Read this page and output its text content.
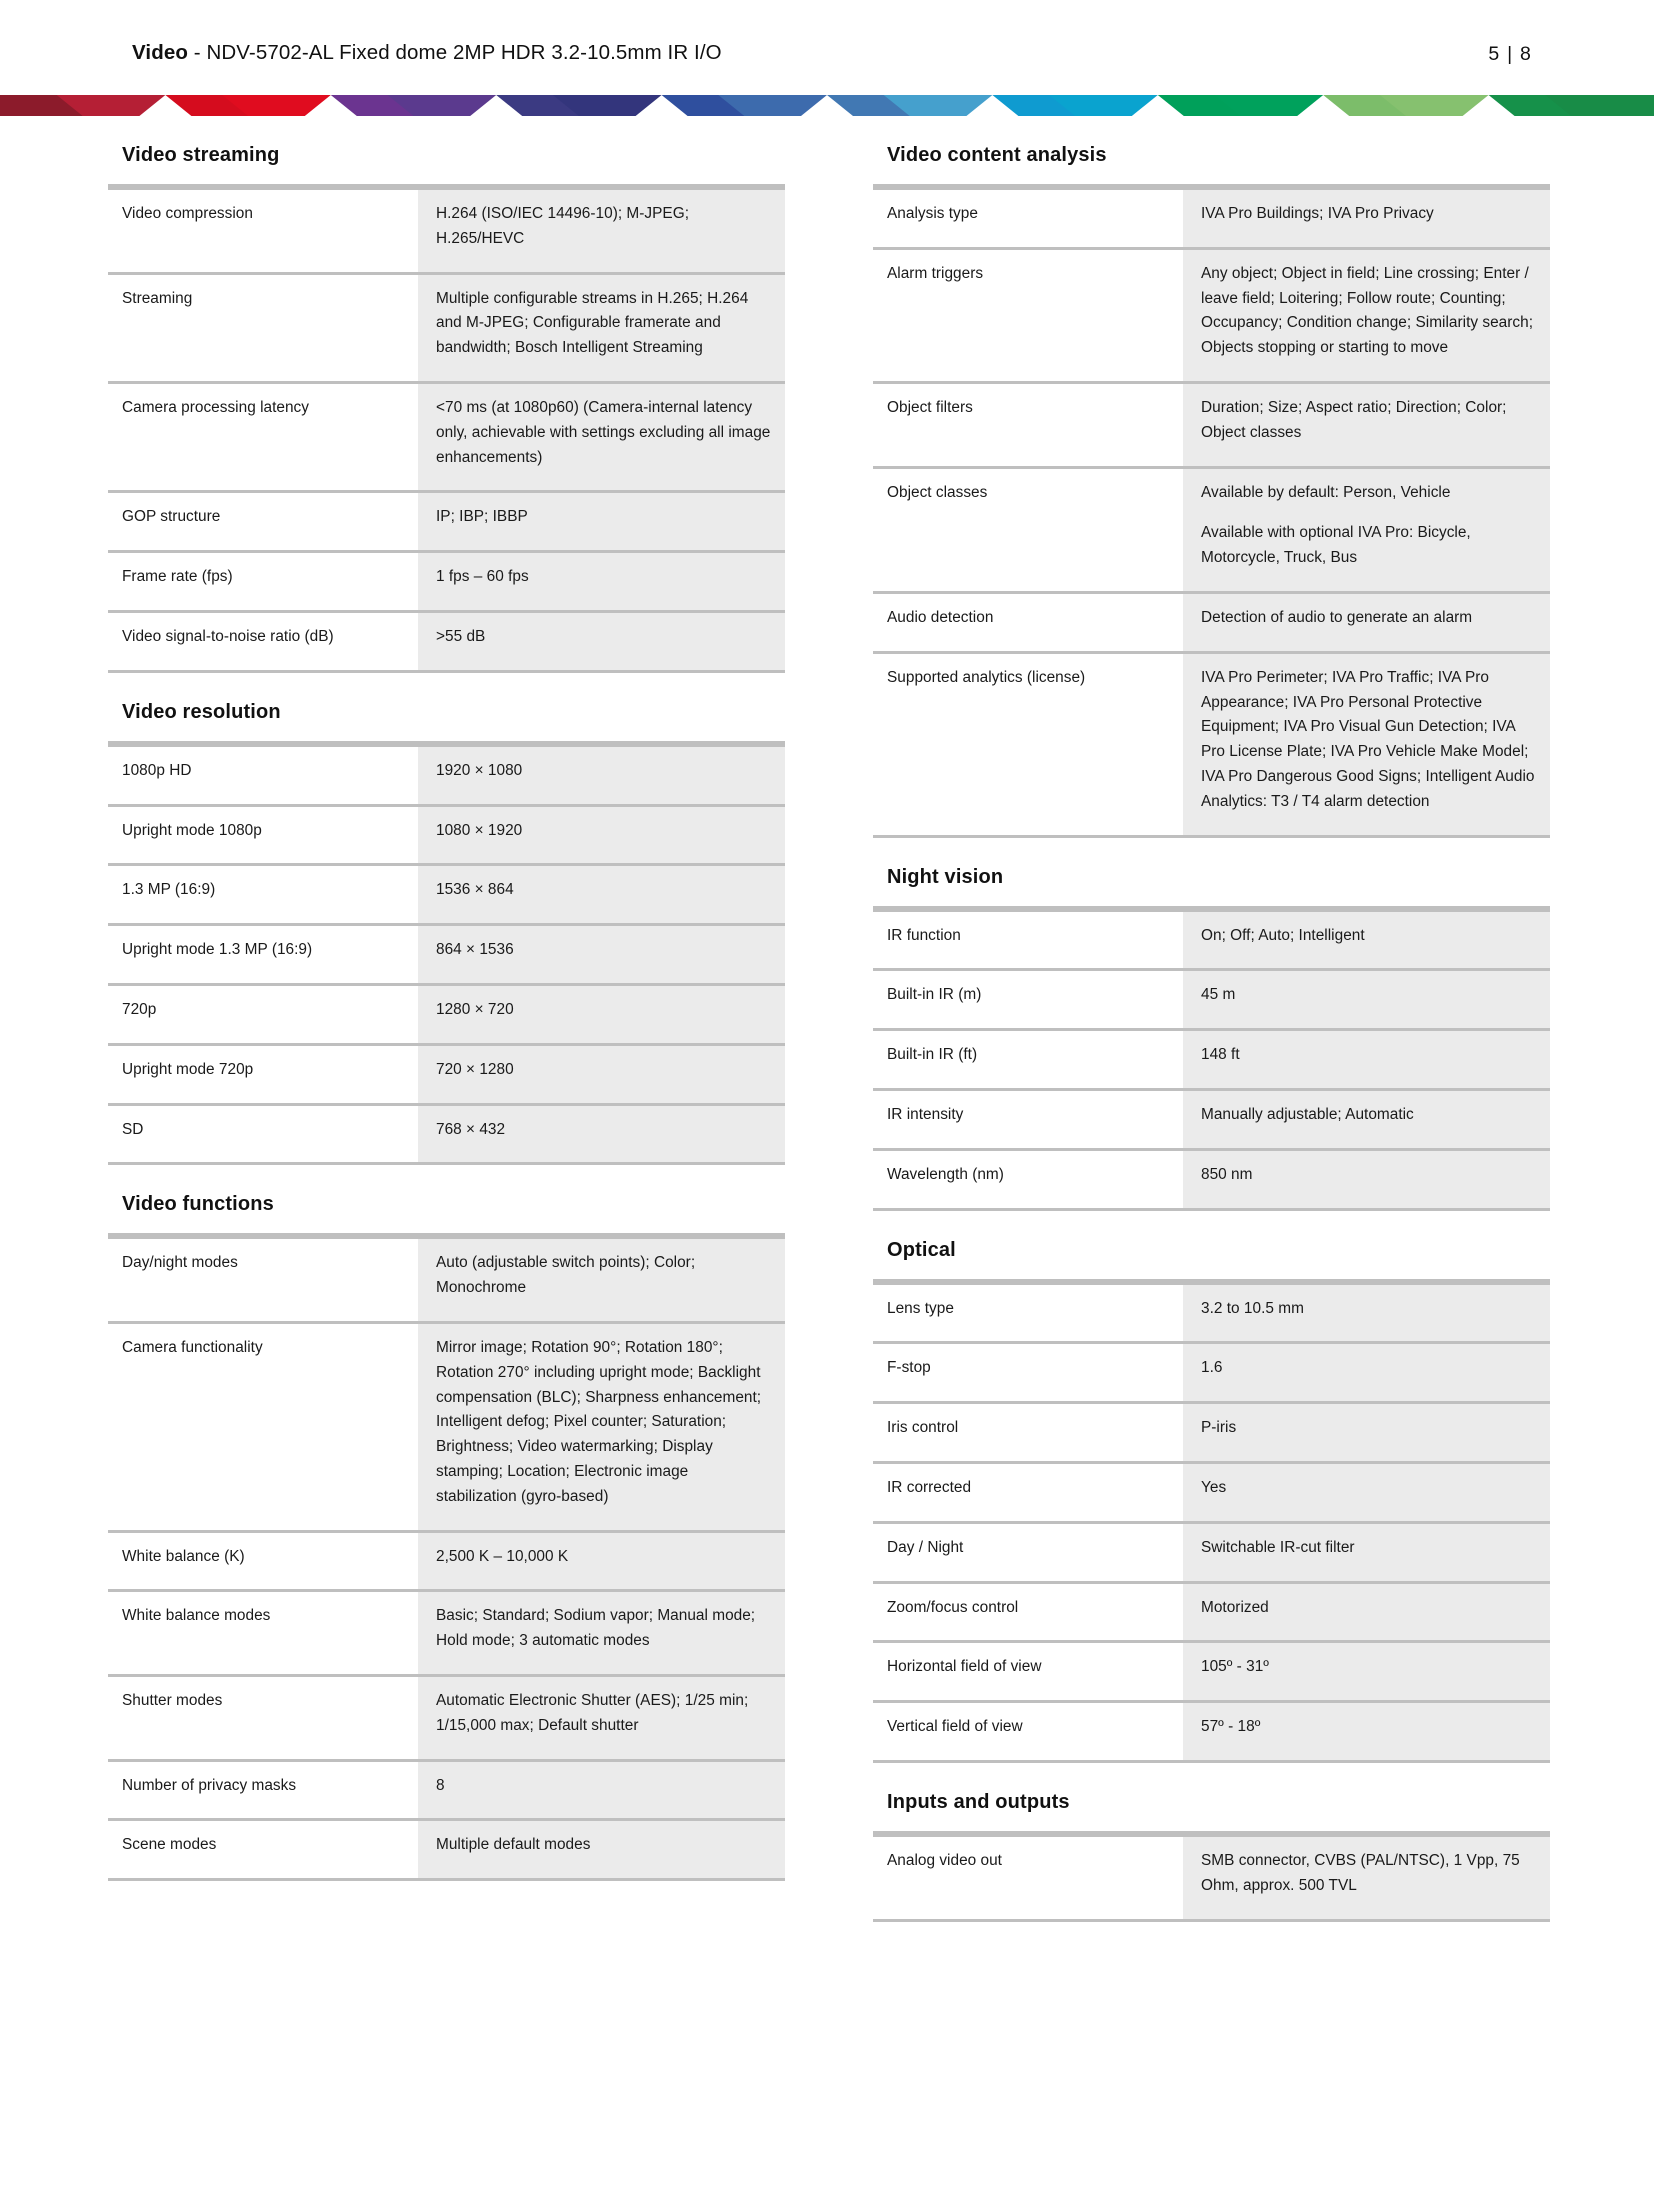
Video - NDV-5702-AL Fixed dome 2MP HDR 3.2-10.5mm IR I/O	5 | 8
Video streaming
Video compression	H.264 (ISO/IEC 14496-10); M-JPEG; H.265/HEVC

Streaming	Multiple configurable streams in H.265; H.264 and M-JPEG; Configurable framerate and bandwidth; Bosch Intelligent Streaming

Camera processing latency	<70 ms (at 1080p60) (Camera-internal latency only, achievable with settings excluding all image enhancements)

GOP structure	IP; IBP; IBBP

Frame rate (fps)	1 fps – 60 fps

Video signal-to-noise ratio (dB)	>55 dB

Video resolution
1080p HD	1920 × 1080

Upright mode 1080p	1080 × 1920

1.3 MP (16:9)	1536 × 864

Upright mode 1.3 MP (16:9)	864 × 1536

720p	1280 × 720

Upright mode 720p	720 × 1280

SD	768 × 432

Video functions
Day/night modes	Auto (adjustable switch points); Color; Monochrome

Camera functionality	Mirror image; Rotation 90°; Rotation 180°; Rotation 270° including upright mode; Backlight compensation (BLC); Sharpness enhancement; Intelligent defog; Pixel counter; Saturation; Brightness; Video watermarking; Display stamping; Location; Electronic image stabilization (gyro-based)

White balance (K)	2,500 K – 10,000 K

White balance modes	Basic; Standard; Sodium vapor; Manual mode; Hold mode; 3 automatic modes

Shutter modes	Automatic Electronic Shutter (AES); 1/25 min; 1/15,000 max; Default shutter

Number of privacy masks	8

Scene modes	Multiple default modes

Video content analysis
Analysis type	IVA Pro Buildings; IVA Pro Privacy

Alarm triggers	Any object; Object in field; Line crossing; Enter / leave field; Loitering; Follow route; Counting; Occupancy; Condition change; Similarity search; Objects stopping or starting to move

Object filters	Duration; Size; Aspect ratio; Direction; Color; Object classes

Object classes	Available by default: Person, Vehicle

Available with optional IVA Pro: Bicycle, Motorcycle, Truck, Bus

Audio detection	Detection of audio to generate an alarm

Supported analytics (license)	IVA Pro Perimeter; IVA Pro Traffic; IVA Pro Appearance; IVA Pro Personal Protective Equipment; IVA Pro Visual Gun Detection; IVA Pro License Plate; IVA Pro Vehicle Make Model; IVA Pro Dangerous Good Signs; Intelligent Audio Analytics: T3 / T4 alarm detection

Night vision
IR function	On; Off; Auto; Intelligent

Built-in IR (m)	45 m

Built-in IR (ft)	148 ft

IR intensity	Manually adjustable; Automatic

Wavelength (nm)	850 nm

Optical
Lens type	3.2 to 10.5 mm

F-stop	1.6

Iris control	P-iris

IR corrected	Yes

Day / Night	Switchable IR-cut filter

Zoom/focus control	Motorized

Horizontal field of view	105º - 31º

Vertical field of view	57º - 18º

Inputs and outputs
Analog video out	SMB connector, CVBS (PAL/NTSC), 1 Vpp, 75 Ohm, approx. 500 TVL
